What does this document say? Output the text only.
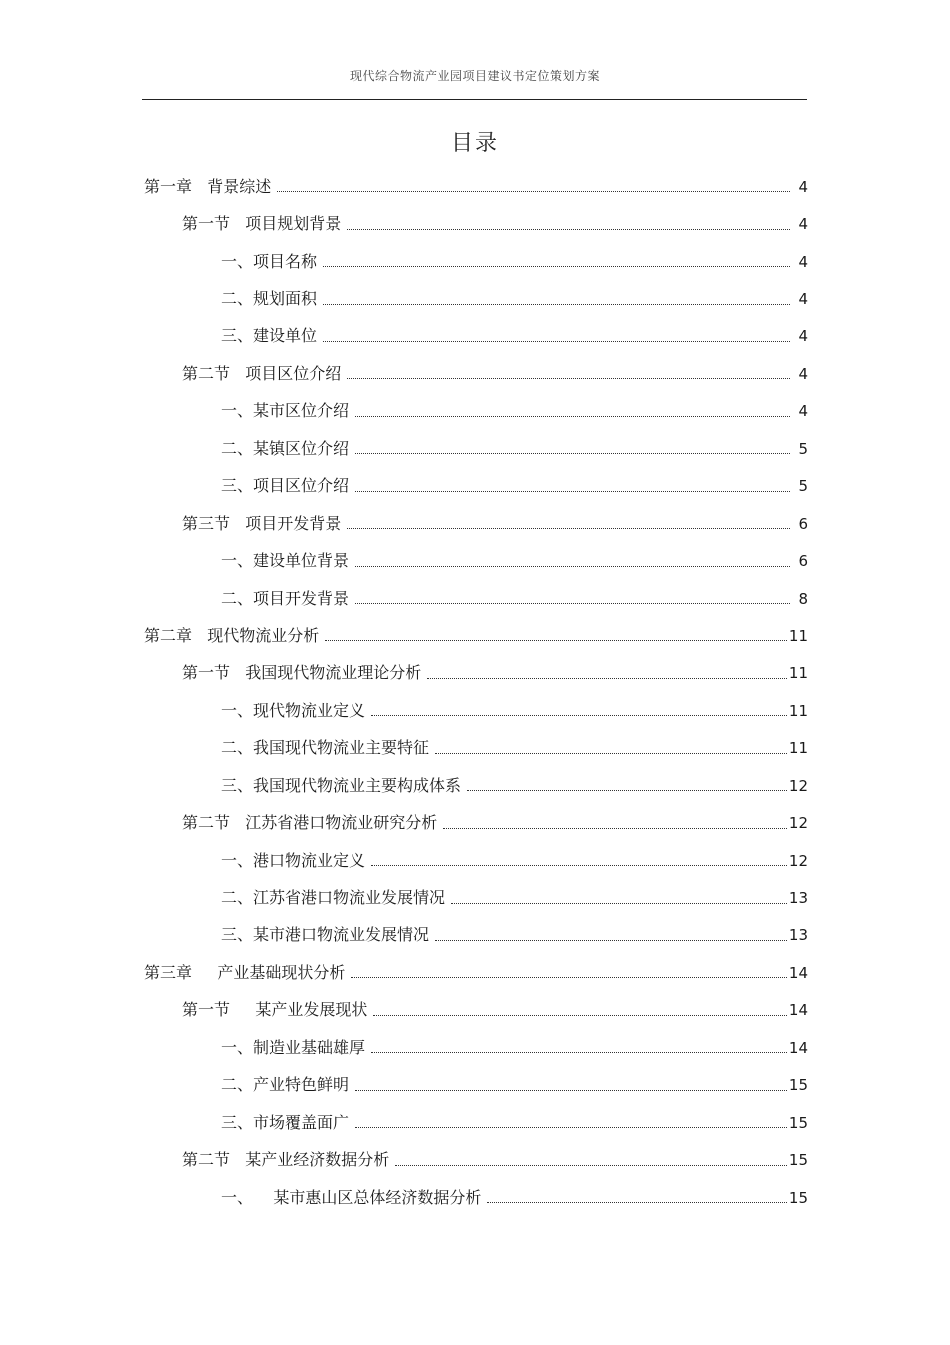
现代综合物流产业园项目建议书定位策划方案
目录
第一章   背景综述	4
第一节   项目规划背景	4
一、项目名称	4
二、规划面积	4
三、建设单位	4
第二节   项目区位介绍	4
一、某市区位介绍	4
二、某镇区位介绍	5
三、项目区位介绍	5
第三节   项目开发背景	6
一、建设单位背景	6
二、项目开发背景	8
第二章   现代物流业分析	11
第一节   我国现代物流业理论分析	11
一、现代物流业定义	11
二、我国现代物流业主要特征	11
三、我国现代物流业主要构成体系	12
第二节   江苏省港口物流业研究分析	12
一、港口物流业定义	12
二、江苏省港口物流业发展情况	13
三、某市港口物流业发展情况	13
第三章     产业基础现状分析	14
第一节     某产业发展现状	14
一、制造业基础雄厚	14
二、产业特色鲜明	15
三、市场覆盖面广	15
第二节   某产业经济数据分析	15
一、    某市惠山区总体经济数据分析	15
